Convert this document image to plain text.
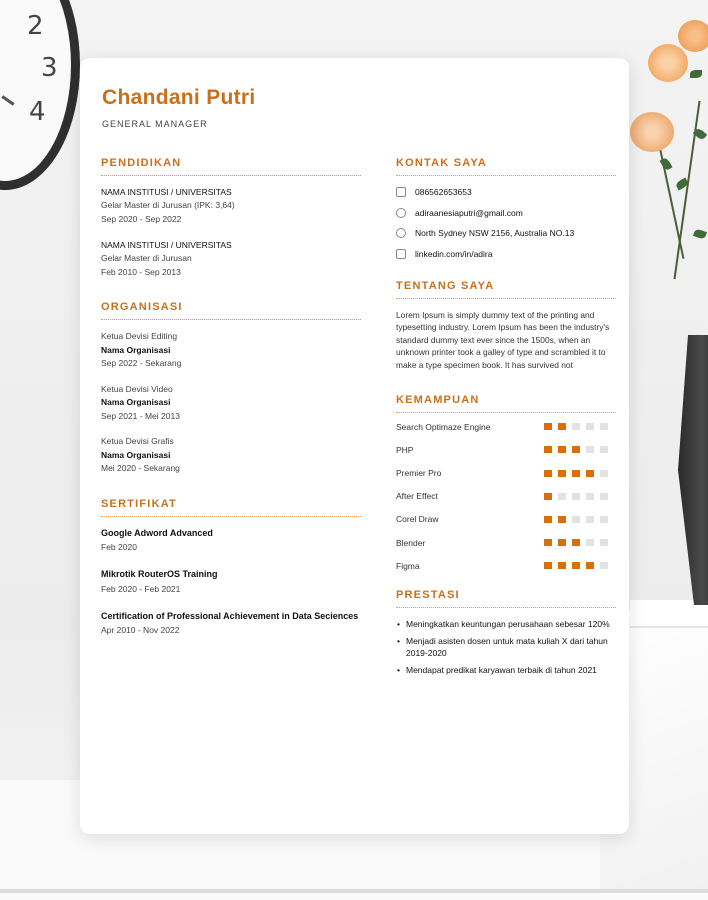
2
3
4	Chandani Putri
GENERAL MANAGER
PENDIDIKAN
NAMA INSTITUSI / UNIVERSITAS
Gelar Master di Jurusan (IPK: 3,64)
Sep 2020 - Sep 2022
NAMA INSTITUSI / UNIVERSITAS
Gelar Master di Jurusan
Feb 2010 - Sep 2013
ORGANISASI
Ketua Devisi Editing
Nama Organisasi
Sep 2022 - Sekarang
Ketua Devisi Video
Nama Organisasi
Sep 2021 - Mei 2013
Ketua Devisi Grafis
Nama Organisasi
Mei 2020 - Sekarang
SERTIFIKAT
Google Adword Advanced
Feb 2020
Mikrotik RouterOS Training
Feb 2020 - Feb 2021
Certification of Professional Achievement in Data Seciences
Apr 2010 - Nov 2022
KONTAK SAYA
086562653653
adiraanesiaputri@gmail.com
North Sydney NSW 2156, Australia NO.13
linkedin.com/in/adira
TENTANG SAYA
Lorem Ipsum is simply dummy text of the printing and typesetting industry. Lorem Ipsum has been the industry's standard dummy text ever since the 1500s, when an unknown printer took a galley of type and scrambled it to make a type specimen book. It has survived not
KEMAMPUAN
Search Optimaze Engine
PHP
Premier Pro
After Effect
Corel Draw
Blender
Figma
PRESTASI
• Meningkatkan keuntungan perusahaan sebesar 120%
• Menjadi asisten dosen untuk mata kuliah X dari tahun 2019-2020
• Mendapat predikat karyawan terbaik di tahun 2021
